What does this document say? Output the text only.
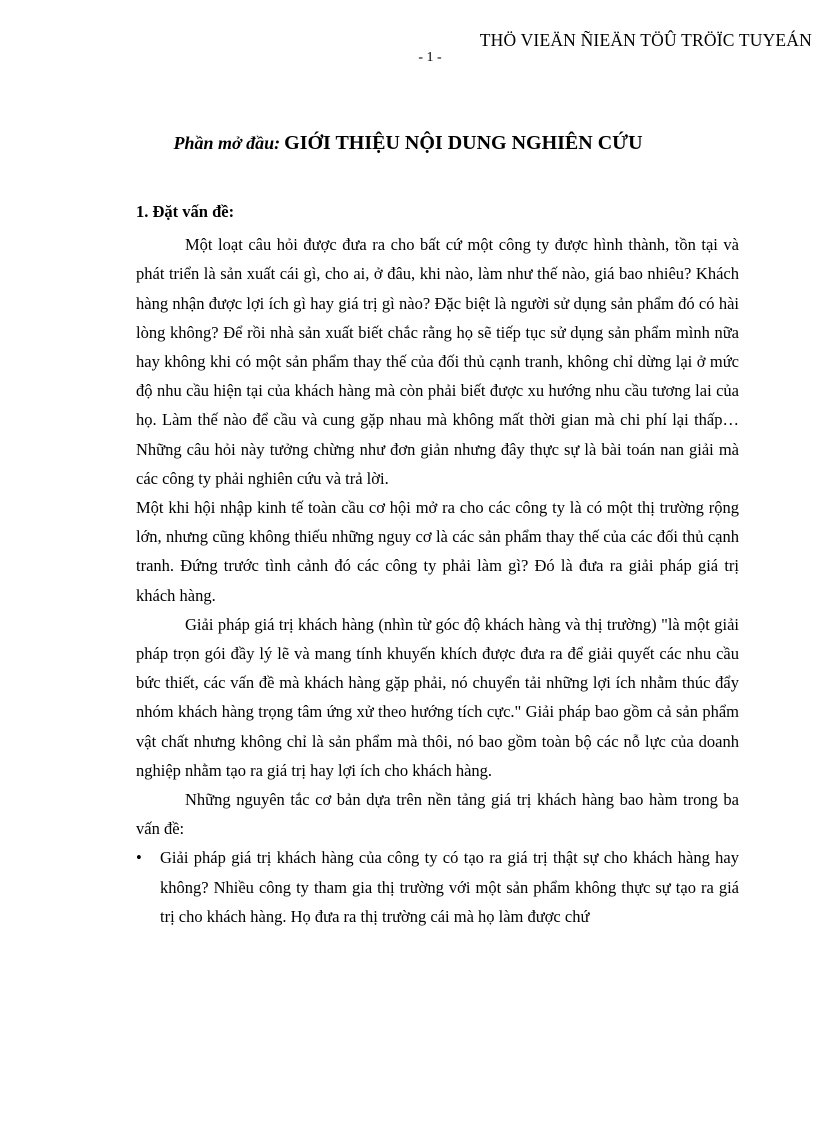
THÖ VIEÄN ÑIEÄN TÖÛ TRÖÏC TUYEÁN
- 1 -
Phần mở đầu: GIỚI THIỆU NỘI DUNG NGHIÊN CỨU

1. Đặt vấn đề:

Một loạt câu hỏi được đưa ra cho bất cứ một công ty được hình thành, tồn tại và phát triển là sản xuất cái gì, cho ai, ở đâu, khi nào, làm như thế nào, giá bao nhiêu? Khách hàng nhận được lợi ích gì hay giá trị gì nào? Đặc biệt là người sử dụng sản phẩm đó có hài lòng không? Để rồi nhà sản xuất biết chắc rằng họ sẽ tiếp tục sử dụng sản phẩm mình nữa hay không khi có một sản phẩm thay thế của đối thủ cạnh tranh, không chỉ dừng lại ở mức độ nhu cầu hiện tại của khách hàng mà còn phải biết được xu hướng nhu cầu tương lai của họ. Làm thế nào để cầu và cung gặp nhau mà không mất thời gian mà chi phí lại thấp…Những câu hỏi này tưởng chừng như đơn giản nhưng đây thực sự là bài toán nan giải mà các công ty phải nghiên cứu và trả lời.

Một khi hội nhập kinh tế toàn cầu cơ hội mở ra cho các công ty là có một thị trường rộng lớn, nhưng cũng không thiếu những nguy cơ là các sản phẩm thay thế của các đối thủ cạnh tranh. Đứng trước tình cảnh đó các công ty phải làm gì? Đó là đưa ra giải pháp giá trị khách hàng.

Giải pháp giá trị khách hàng (nhìn từ góc độ khách hàng và thị trường) "là một giải pháp trọn gói đầy lý lẽ và mang tính khuyến khích được đưa ra để giải quyết các nhu cầu bức thiết, các vấn đề mà khách hàng gặp phải, nó chuyển tải những lợi ích nhằm thúc đẩy nhóm khách hàng trọng tâm ứng xử theo hướng tích cực." Giải pháp bao gồm cả sản phẩm vật chất nhưng không chỉ là sản phẩm mà thôi, nó bao gồm toàn bộ các nỗ lực của doanh nghiệp nhằm tạo ra giá trị hay lợi ích cho khách hàng.

Những nguyên tắc cơ bản dựa trên nền tảng giá trị khách hàng bao hàm trong ba vấn đề:

• Giải pháp giá trị khách hàng của công ty có tạo ra giá trị thật sự cho khách hàng hay không? Nhiều công ty tham gia thị trường với một sản phẩm không thực sự tạo ra giá trị cho khách hàng. Họ đưa ra thị trường cái mà họ làm được chứ
